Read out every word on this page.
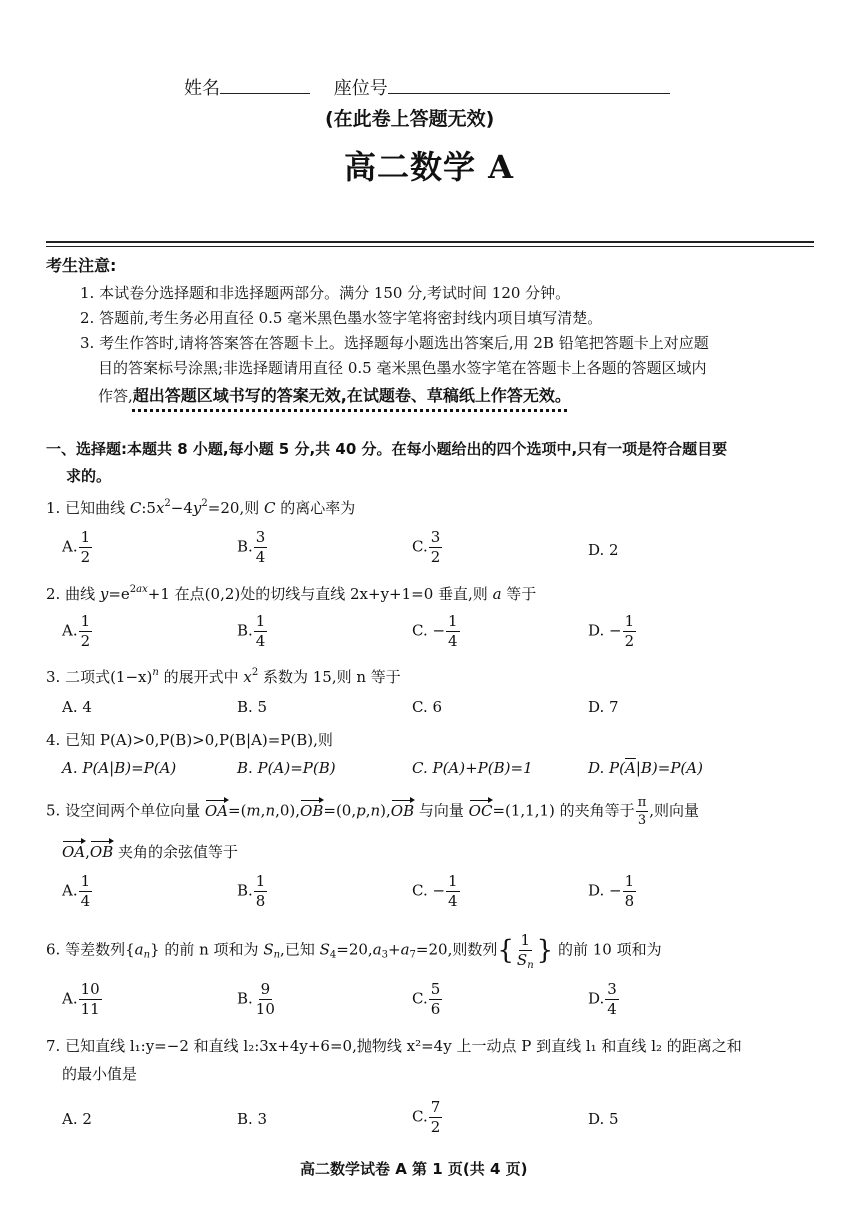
姓名	座位号
(在此卷上答题无效)
高二数学 A
考生注意:
1. 本试卷分选择题和非选择题两部分。满分 150 分,考试时间 120 分钟。
2. 答题前,考生务必用直径 0.5 毫米黑色墨水签字笔将密封线内项目填写清楚。
3. 考生作答时,请将答案答在答题卡上。选择题每小题选出答案后,用 2B 铅笔把答题卡上对应题
目的答案标号涂黑;非选择题请用直径 0.5 毫米黑色墨水签字笔在答题卡上各题的答题区域内
作答,超出答题区域书写的答案无效,在试题卷、草稿纸上作答无效。
一、选择题:本题共 8 小题,每小题 5 分,共 40 分。在每小题给出的四个选项中,只有一项是符合题目要
求的。
1. 已知曲线 $C:5x^2-4y^2=20$,则 C 的离心率为
A. $\frac{1}{2}$	B. $\frac{3}{4}$	C. $\frac{3}{2}$	D. 2
2. 曲线 $y=e^{2ax}+1$ 在点(0,2)处的切线与直线 2x+y+1=0 垂直,则 a 等于
A. $\frac{1}{2}$	B. $\frac{1}{4}$	C. − $\frac{1}{4}$	D. − $\frac{1}{2}$
3. 二项式$(1-x)^n$ 的展开式中 $x^2$ 系数为 15,则 n 等于
A. 4	B. 5	C. 6	D. 7
4. 已知 P(A)>0,P(B)>0,P(B|A)=P(B),则
A. P(A|B)=P(A)	B. P(A)=P(B)	C. P(A)+P(B)=1	D. $P(\overline{A}|B)=P(A)$
5. 设空间两个单位向量 OA=(m,n,0),OB=(0,p,n),OB 与向量 OC=(1,1,1) 的夹角等于 $\frac{\pi}{3}$ ,则向量
OA,OB 夹角的余弦值等于
A. $\frac{1}{4}$	B. $\frac{1}{8}$	C. − $\frac{1}{4}$	D. − $\frac{1}{8}$
6. 等差数列$\{a_n\}$ 的前 n 项和为 $S_n$,已知 $S_4=20,a_3+a_7=20$,则数列{ $\frac{1}{S_n}$ } 的前 10 项和为
A. $\frac{10}{11}$	B. $\frac{9}{10}$	C. $\frac{5}{6}$	D. $\frac{3}{4}$
7. 已知直线 l₁:y=−2 和直线 l₂:3x+4y+6=0,抛物线 x²=4y 上一动点 P 到直线 l₁ 和直线 l₂ 的距离之和
的最小值是
A. 2	B. 3	C. $\frac{7}{2}$	D. 5
高二数学试卷 A 第 1 页(共 4 页)
